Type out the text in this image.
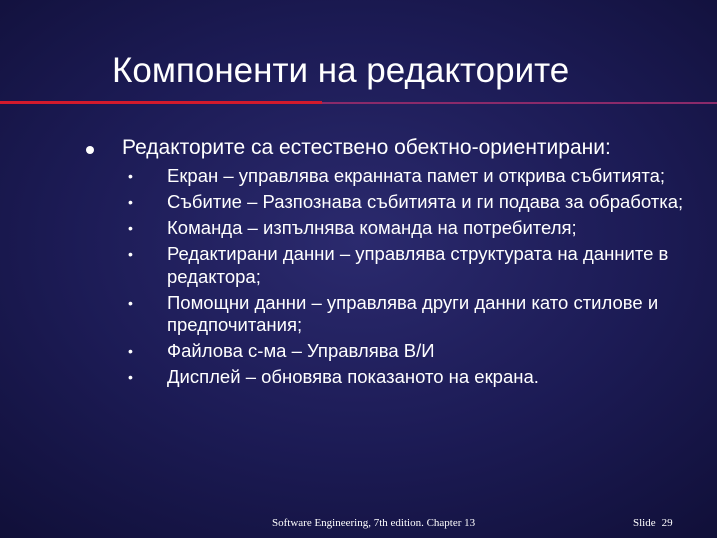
Компоненти на редакторите
Редакторите са естествено обектно-ориентирани:
• Екран – управлява екранната памет и открива събитията;
• Събитие – Разпознава събитията и ги подава за обработка;
• Команда – изпълнява команда на потребителя;
• Редактирани данни – управлява структурата на данните в редактора;
• Помощни данни – управлява други данни като стилове и предпочитания;
• Файлова с-ма – Управлява В/И
• Дисплей – обновява показаното на екрана.
Software Engineering, 7th edition. Chapter 13	Slide 29
